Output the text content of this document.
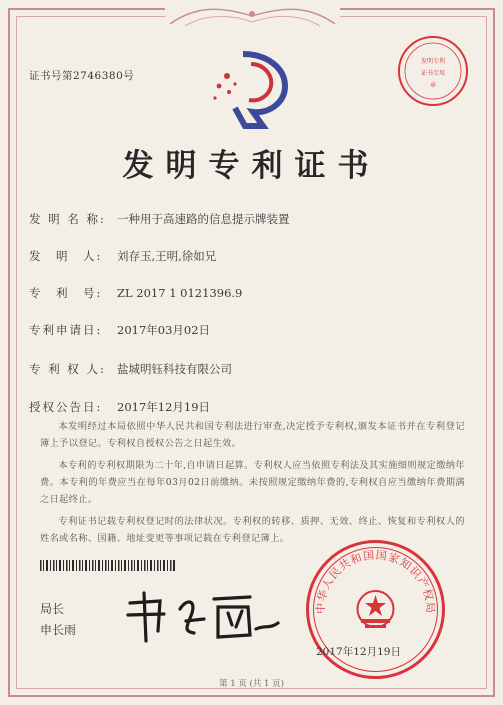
证书号第2746380号
发明专利
证书专用
章
发明专利证书
发 明 名 称: 一种用于高速路的信息提示牌装置
发　明　人: 刘存玉,王明,徐如兄
专　利　号: ZL 2017 1 0121396.9
专利申请日: 2017年03月02日
专 利 权 人: 盐城明钰科技有限公司
授权公告日: 2017年12月19日
本发明经过本局依照中华人民共和国专利法进行审查,决定授予专利权,颁发本证书并在专利登记簿上予以登记。专利权自授权公告之日起生效。
本专利的专利权期限为二十年,自申请日起算。专利权人应当依照专利法及其实施细则规定缴纳年费。本专利的年费应当在每年03月02日前缴纳。未按照规定缴纳年费的,专利权自应当缴纳年费期满之日起终止。
专利证书记载专利权登记时的法律状况。专利权的转移、质押、无效、终止、恢复和专利权人的姓名或名称、国籍、地址变更等事项记载在专利登记簿上。
局长
申长雨
中华人民共和国国家知识产权局
2017年12月19日
第 1 页 (共 1 页)
